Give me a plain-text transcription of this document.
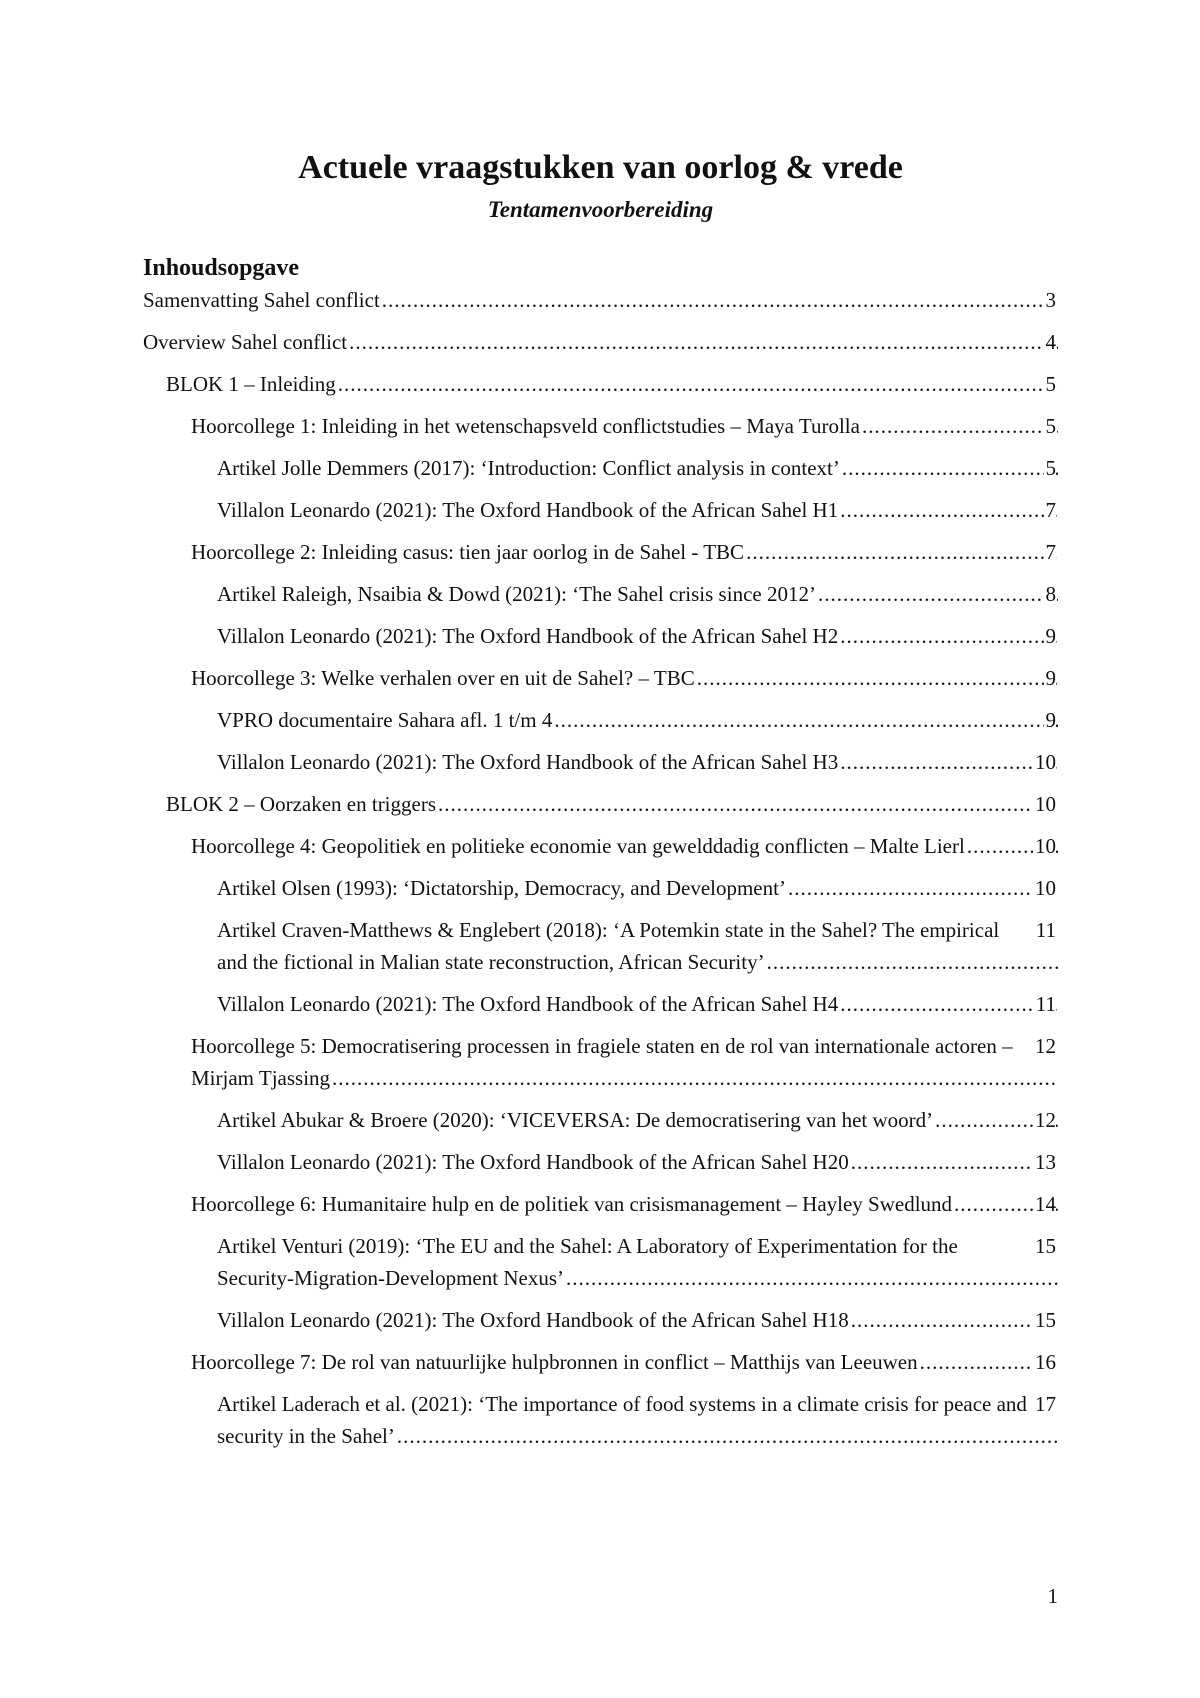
Actuele vraagstukken van oorlog & vrede
Tentamenvoorbereiding
Inhoudsopgave
3
Samenvatting Sahel conflict .....
4
Overview Sahel conflict .....
5
BLOK 1 – Inleiding .....
5
Hoorcollege 1: Inleiding in het wetenschapsveld conflictstudies – Maya Turolla .....
5
Artikel Jolle Demmers (2017): ‘Introduction: Conflict analysis in context’ .....
7
Villalon Leonardo (2021): The Oxford Handbook of the African Sahel H1 .....
7
Hoorcollege 2: Inleiding casus: tien jaar oorlog in de Sahel - TBC .....
8
Artikel Raleigh, Nsaibia & Dowd (2021): ‘The Sahel crisis since 2012’ .....
9
Villalon Leonardo (2021): The Oxford Handbook of the African Sahel H2 .....
9
Hoorcollege 3: Welke verhalen over en uit de Sahel? – TBC .....
9
VPRO documentaire Sahara afl. 1 t/m 4 .....
10
Villalon Leonardo (2021): The Oxford Handbook of the African Sahel H3 .....
10
BLOK 2 – Oorzaken en triggers .....
10
Hoorcollege 4: Geopolitiek en politieke economie van gewelddadig conflicten – Malte Lierl .....
10
Artikel Olsen (1993): ‘Dictatorship, Democracy, and Development’ .....
11
Artikel Craven-Matthews & Englebert (2018): ‘A Potemkin state in the Sahel? The empirical and the fictional in Malian state reconstruction, African Security’ .....
11
Villalon Leonardo (2021): The Oxford Handbook of the African Sahel H4 .....
12
Hoorcollege 5: Democratisering processen in fragiele staten en de rol van internationale actoren – Mirjam Tjassing .....
12
Artikel Abukar & Broere (2020): ‘VICEVERSA: De democratisering van het woord’ .....
13
Villalon Leonardo (2021): The Oxford Handbook of the African Sahel H20 .....
14
Hoorcollege 6: Humanitaire hulp en de politiek van crisismanagement – Hayley Swedlund .....
15
Artikel Venturi (2019): ‘The EU and the Sahel: A Laboratory of Experimentation for the Security-Migration-Development Nexus’ .....
15
Villalon Leonardo (2021): The Oxford Handbook of the African Sahel H18 .....
16
Hoorcollege 7: De rol van natuurlijke hulpbronnen in conflict – Matthijs van Leeuwen .....
17
Artikel Laderach et al. (2021): ‘The importance of food systems in a climate crisis for peace and security in the Sahel’ .....
1
